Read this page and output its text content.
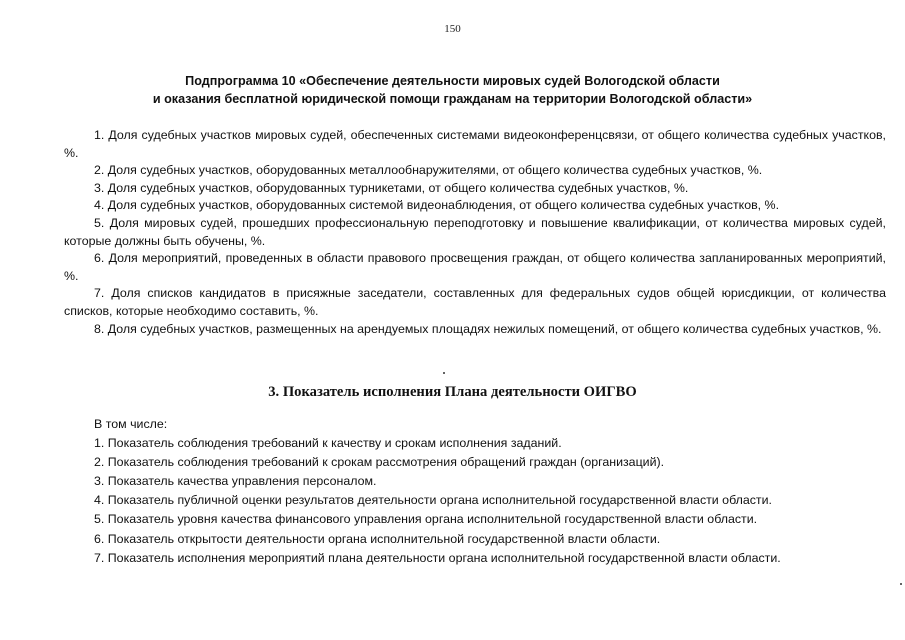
150
Подпрограмма 10 «Обеспечение деятельности мировых судей Вологодской области
и оказания бесплатной юридической помощи гражданам на территории Вологодской области»

1. Доля судебных участков мировых судей, обеспеченных системами видеоконференцсвязи, от общего количества судебных участков, %.

2. Доля судебных участков, оборудованных металлообнаружителями, от общего количества судебных участков, %.

3. Доля судебных участков, оборудованных турникетами, от общего количества судебных участков, %.

4. Доля судебных участков, оборудованных системой видеонаблюдения, от общего количества судебных участков, %.

5. Доля мировых судей, прошедших профессиональную переподготовку и повышение квалификации, от количества мировых судей, которые должны быть обучены, %.

6. Доля мероприятий, проведенных в области правового просвещения граждан, от общего количества запланированных мероприятий, %.

7. Доля списков кандидатов в присяжные заседатели, составленных для федеральных судов общей юрисдикции, от количества списков, которые необходимо составить, %.

8. Доля судебных участков, размещенных на арендуемых площадях нежилых помещений, от общего количества судебных участков, %.

3. Показатель исполнения Плана деятельности ОИГВО

В том числе:

1. Показатель соблюдения требований к качеству и срокам исполнения заданий.

2. Показатель соблюдения требований к срокам рассмотрения обращений граждан (организаций).

3. Показатель качества управления персоналом.

4. Показатель публичной оценки результатов деятельности органа исполнительной государственной власти области.

5. Показатель уровня качества финансового управления органа исполнительной государственной власти области.

6. Показатель открытости деятельности органа исполнительной государственной власти области.

7. Показатель исполнения мероприятий плана деятельности органа исполнительной государственной власти области.
